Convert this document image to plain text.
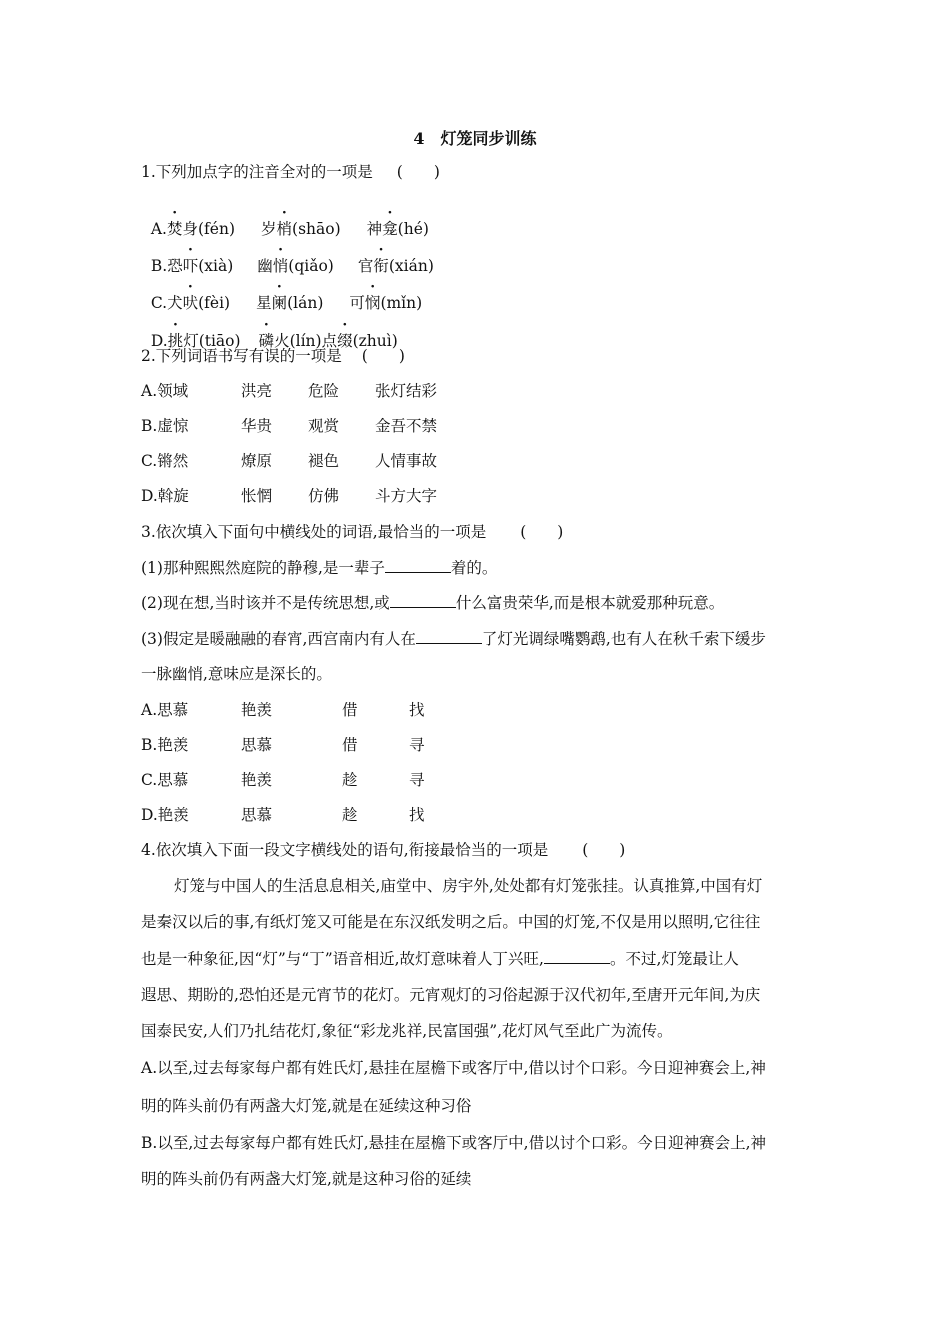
4　灯笼同步训练
1.下列加点字的注音全对的一项是 (　　)

A.焚身(fén) 岁梢(shāo) 神龛(hé)

B.恐吓(xià) 幽悄(qiǎo) 官衔(xián)

C.犬吠(fèi) 星阑(lán) 可悯(mǐn)

D.挑灯(tiāo) 磷火(lín)点缀(zhuì)

2.下列词语书写有误的一项是 (　　)
A.领域	洪亮 危险 张灯结彩
B.虚惊	华贵 观赏 金吾不禁
C.锵然	燎原 褪色 人情事故
D.斡旋	怅惘 仿佛 斗方大字
3.依次填入下面句中横线处的词语,最恰当的一项是 (　　)
(1)那种熙熙然庭院的静穆,是一辈子	着的。
(2)现在想,当时该并不是传统思想,或	什么富贵荣华,而是根本就爱那种玩意。
(3)假定是暖融融的春宵,西宫南内有人在	了灯光调绿嘴鹦鹉,也有人在秋千索下缓步
一脉幽悄,意味应是深长的。
A.思慕	艳羡	借	找
B.艳羡	思慕	借	寻
C.思慕	艳羡	趁	寻
D.艳羡	思慕	趁	找
4.依次填入下面一段文字横线处的语句,衔接最恰当的一项是 (　　)
灯笼与中国人的生活息息相关,庙堂中、房宇外,处处都有灯笼张挂。认真推算,中国有灯
是秦汉以后的事,有纸灯笼又可能是在东汉纸发明之后。中国的灯笼,不仅是用以照明,它往往
也是一种象征,因“灯”与“丁”语音相近,故灯意味着人丁兴旺,	。不过,灯笼最让人
遐思、期盼的,恐怕还是元宵节的花灯。元宵观灯的习俗起源于汉代初年,至唐开元年间,为庆
国泰民安,人们乃扎结花灯,象征“彩龙兆祥,民富国强”,花灯风气至此广为流传。
A.以至,过去每家每户都有姓氏灯,悬挂在屋檐下或客厅中,借以讨个口彩。今日迎神赛会上,神
明的阵头前仍有两盏大灯笼,就是在延续这种习俗
B.以至,过去每家每户都有姓氏灯,悬挂在屋檐下或客厅中,借以讨个口彩。今日迎神赛会上,神
明的阵头前仍有两盏大灯笼,就是这种习俗的延续
